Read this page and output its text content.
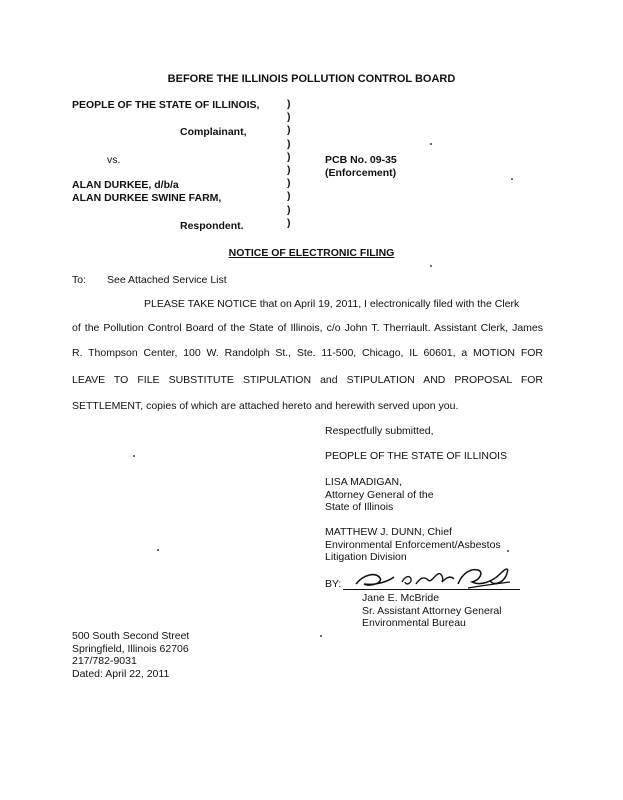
BEFORE THE ILLINOIS POLLUTION CONTROL BOARD
PEOPLE OF THE STATE OF ILLINOIS,
Complainant,
vs.
ALAN DURKEE, d/b/a
ALAN DURKEE SWINE FARM,
Respondent.
)
)
)
)
)
)
)
)
)
)
PCB No. 09-35
(Enforcement)
NOTICE OF ELECTRONIC FILING
To: See Attached Service List
PLEASE TAKE NOTICE that on April 19, 2011, I electronically filed with the Clerk
of the Pollution Control Board of the State of Illinois, c/o John T. Therriault. Assistant Clerk, James
R. Thompson Center, 100 W. Randolph St., Ste. 11-500, Chicago, IL 60601, a MOTION FOR
LEAVE TO FILE SUBSTITUTE STIPULATION and STIPULATION AND PROPOSAL FOR
SETTLEMENT, copies of which are attached hereto and herewith served upon you.
Respectfully submitted,
PEOPLE OF THE STATE OF ILLINOIS
LISA MADIGAN,
Attorney General of the
State of Illinois
MATTHEW J. DUNN, Chief
Environmental Enforcement/Asbestos
Litigation Division
BY:
Jane E. McBride
Sr. Assistant Attorney General
Environmental Bureau
500 South Second Street
Springfield, Illinois 62706
217/782-9031
Dated: April 22, 2011
